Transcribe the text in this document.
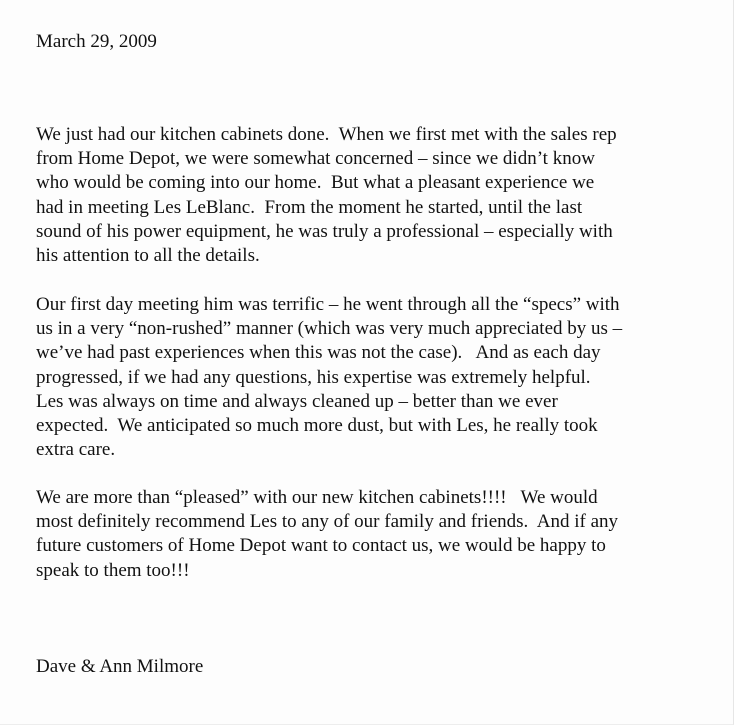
March 29, 2009

We just had our kitchen cabinets done.  When we first met with the sales rep
from Home Depot, we were somewhat concerned – since we didn’t know
who would be coming into our home.  But what a pleasant experience we
had in meeting Les LeBlanc.  From the moment he started, until the last
sound of his power equipment, he was truly a professional – especially with
his attention to all the details.

Our first day meeting him was terrific – he went through all the “specs” with
us in a very “non-rushed” manner (which was very much appreciated by us –
we’ve had past experiences when this was not the case).   And as each day
progressed, if we had any questions, his expertise was extremely helpful.
Les was always on time and always cleaned up – better than we ever
expected.  We anticipated so much more dust, but with Les, he really took
extra care.

We are more than “pleased” with our new kitchen cabinets!!!!   We would
most definitely recommend Les to any of our family and friends.  And if any
future customers of Home Depot want to contact us, we would be happy to
speak to them too!!!

Dave & Ann Milmore
